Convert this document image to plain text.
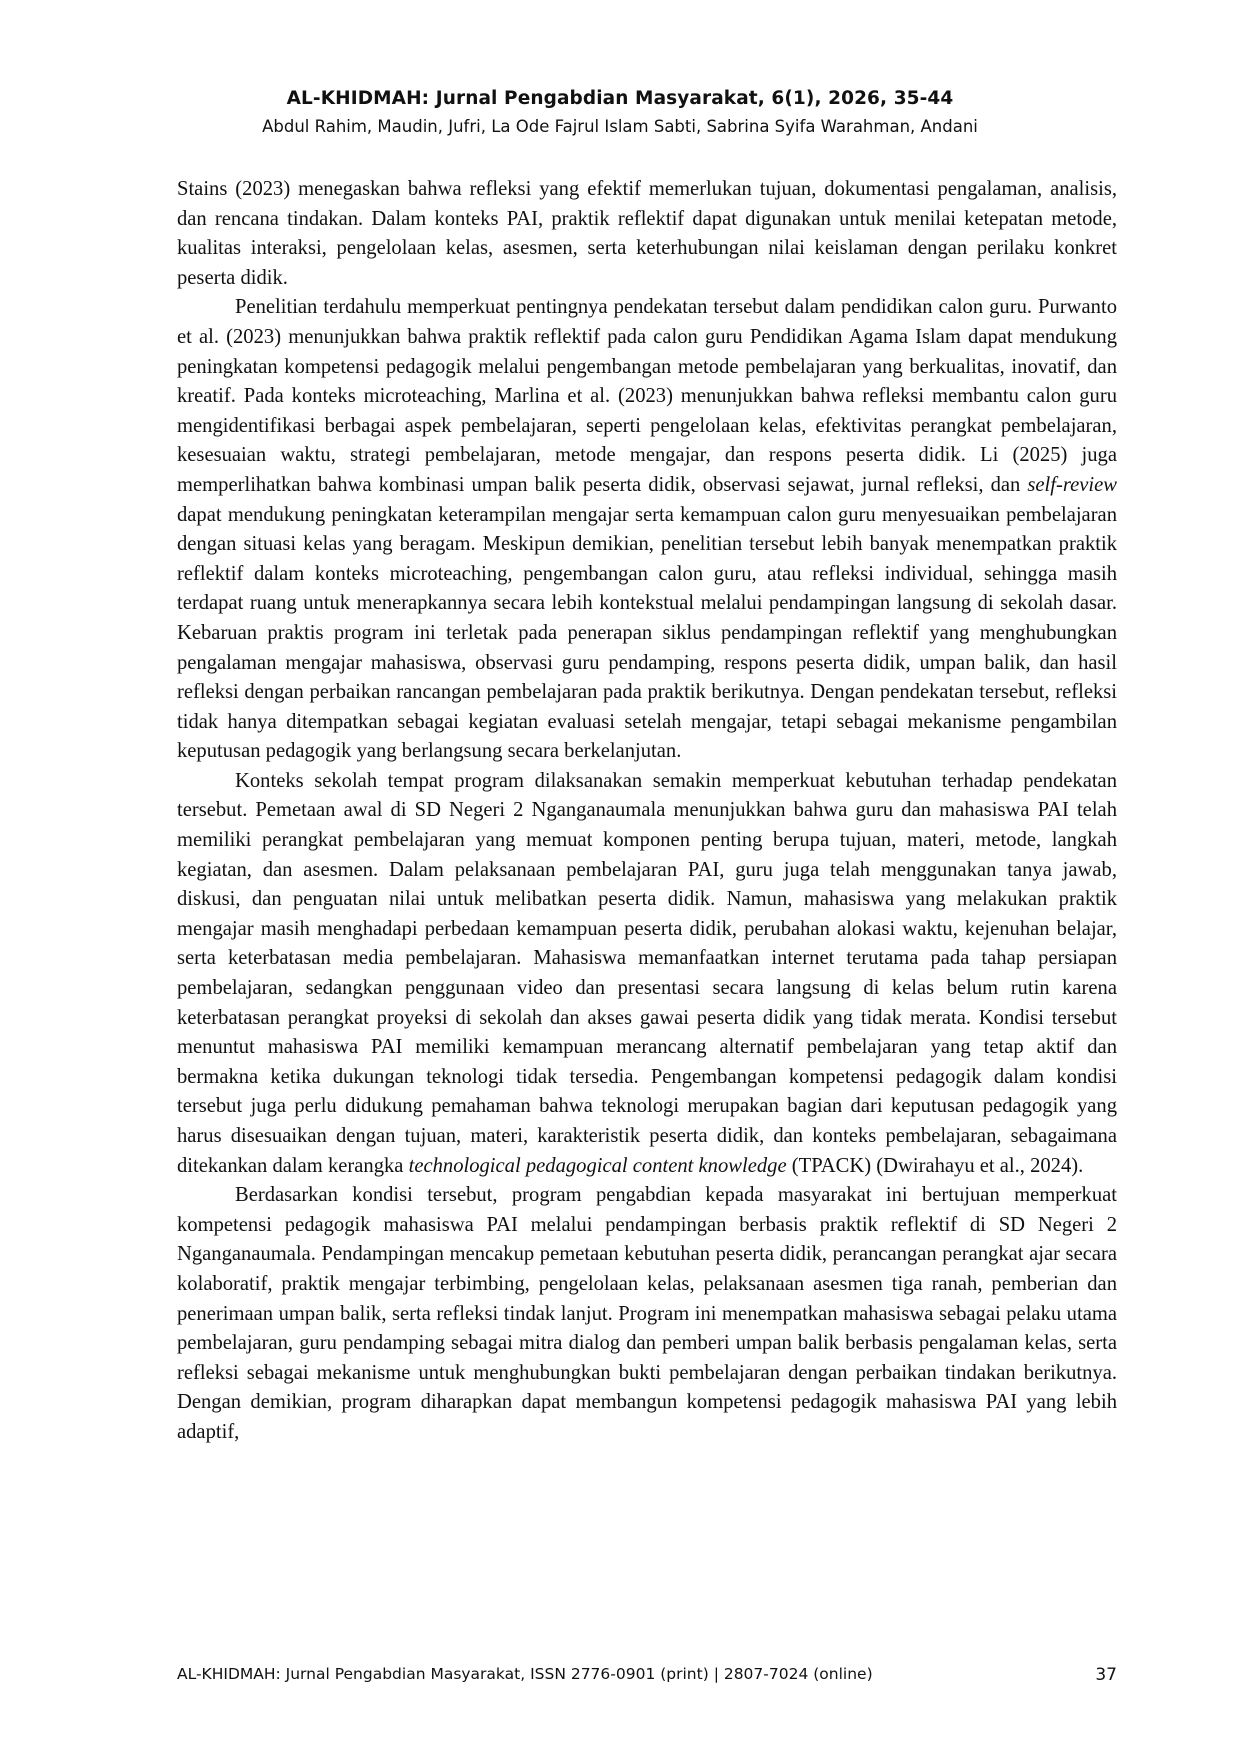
AL-KHIDMAH: Jurnal Pengabdian Masyarakat, 6(1), 2026, 35-44
Abdul Rahim, Maudin, Jufri, La Ode Fajrul Islam Sabti, Sabrina Syifa Warahman, Andani

Stains (2023) menegaskan bahwa refleksi yang efektif memerlukan tujuan, dokumentasi pengalaman, analisis, dan rencana tindakan. Dalam konteks PAI, praktik reflektif dapat digunakan untuk menilai ketepatan metode, kualitas interaksi, pengelolaan kelas, asesmen, serta keterhubungan nilai keislaman dengan perilaku konkret peserta didik.

Penelitian terdahulu memperkuat pentingnya pendekatan tersebut dalam pendidikan calon guru. Purwanto et al. (2023) menunjukkan bahwa praktik reflektif pada calon guru Pendidikan Agama Islam dapat mendukung peningkatan kompetensi pedagogik melalui pengembangan metode pembelajaran yang berkualitas, inovatif, dan kreatif. Pada konteks microteaching, Marlina et al. (2023) menunjukkan bahwa refleksi membantu calon guru mengidentifikasi berbagai aspek pembelajaran, seperti pengelolaan kelas, efektivitas perangkat pembelajaran, kesesuaian waktu, strategi pembelajaran, metode mengajar, dan respons peserta didik. Li (2025) juga memperlihatkan bahwa kombinasi umpan balik peserta didik, observasi sejawat, jurnal refleksi, dan self-review dapat mendukung peningkatan keterampilan mengajar serta kemampuan calon guru menyesuaikan pembelajaran dengan situasi kelas yang beragam. Meskipun demikian, penelitian tersebut lebih banyak menempatkan praktik reflektif dalam konteks microteaching, pengembangan calon guru, atau refleksi individual, sehingga masih terdapat ruang untuk menerapkannya secara lebih kontekstual melalui pendampingan langsung di sekolah dasar. Kebaruan praktis program ini terletak pada penerapan siklus pendampingan reflektif yang menghubungkan pengalaman mengajar mahasiswa, observasi guru pendamping, respons peserta didik, umpan balik, dan hasil refleksi dengan perbaikan rancangan pembelajaran pada praktik berikutnya. Dengan pendekatan tersebut, refleksi tidak hanya ditempatkan sebagai kegiatan evaluasi setelah mengajar, tetapi sebagai mekanisme pengambilan keputusan pedagogik yang berlangsung secara berkelanjutan.

Konteks sekolah tempat program dilaksanakan semakin memperkuat kebutuhan terhadap pendekatan tersebut. Pemetaan awal di SD Negeri 2 Nganganaumala menunjukkan bahwa guru dan mahasiswa PAI telah memiliki perangkat pembelajaran yang memuat komponen penting berupa tujuan, materi, metode, langkah kegiatan, dan asesmen. Dalam pelaksanaan pembelajaran PAI, guru juga telah menggunakan tanya jawab, diskusi, dan penguatan nilai untuk melibatkan peserta didik. Namun, mahasiswa yang melakukan praktik mengajar masih menghadapi perbedaan kemampuan peserta didik, perubahan alokasi waktu, kejenuhan belajar, serta keterbatasan media pembelajaran. Mahasiswa memanfaatkan internet terutama pada tahap persiapan pembelajaran, sedangkan penggunaan video dan presentasi secara langsung di kelas belum rutin karena keterbatasan perangkat proyeksi di sekolah dan akses gawai peserta didik yang tidak merata. Kondisi tersebut menuntut mahasiswa PAI memiliki kemampuan merancang alternatif pembelajaran yang tetap aktif dan bermakna ketika dukungan teknologi tidak tersedia. Pengembangan kompetensi pedagogik dalam kondisi tersebut juga perlu didukung pemahaman bahwa teknologi merupakan bagian dari keputusan pedagogik yang harus disesuaikan dengan tujuan, materi, karakteristik peserta didik, dan konteks pembelajaran, sebagaimana ditekankan dalam kerangka technological pedagogical content knowledge (TPACK) (Dwirahayu et al., 2024).

Berdasarkan kondisi tersebut, program pengabdian kepada masyarakat ini bertujuan memperkuat kompetensi pedagogik mahasiswa PAI melalui pendampingan berbasis praktik reflektif di SD Negeri 2 Nganganaumala. Pendampingan mencakup pemetaan kebutuhan peserta didik, perancangan perangkat ajar secara kolaboratif, praktik mengajar terbimbing, pengelolaan kelas, pelaksanaan asesmen tiga ranah, pemberian dan penerimaan umpan balik, serta refleksi tindak lanjut. Program ini menempatkan mahasiswa sebagai pelaku utama pembelajaran, guru pendamping sebagai mitra dialog dan pemberi umpan balik berbasis pengalaman kelas, serta refleksi sebagai mekanisme untuk menghubungkan bukti pembelajaran dengan perbaikan tindakan berikutnya. Dengan demikian, program diharapkan dapat membangun kompetensi pedagogik mahasiswa PAI yang lebih adaptif,

AL-KHIDMAH: Jurnal Pengabdian Masyarakat, ISSN 2776-0901 (print) | 2807-7024 (online)	37
